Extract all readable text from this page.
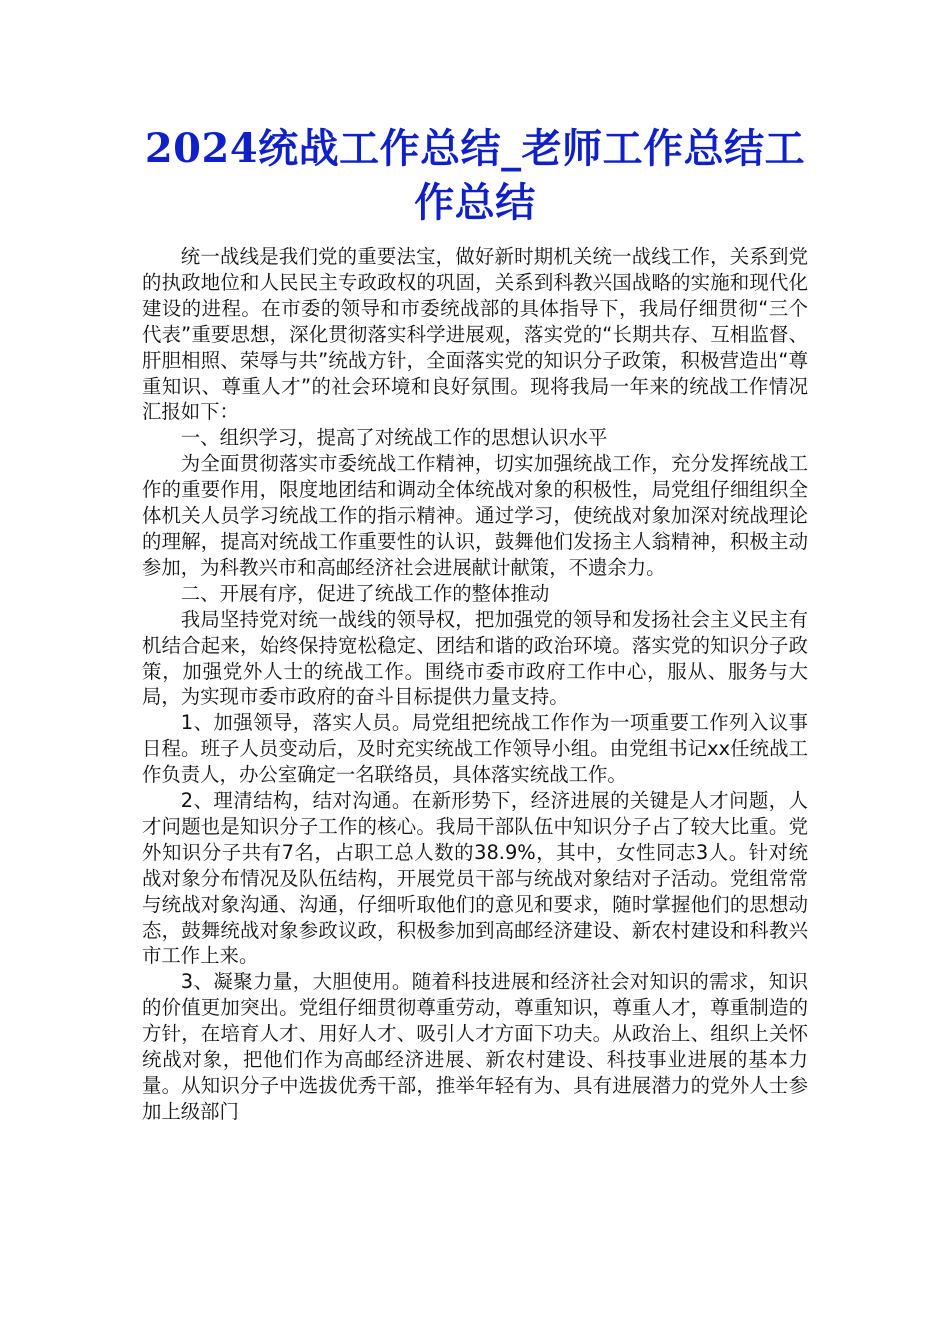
2024统战工作总结_老师工作总结工作总结

统一战线是我们党的重要法宝，做好新时期机关统一战线工作，关系到党的执政地位和人民民主专政政权的巩固，关系到科教兴国战略的实施和现代化建设的进程。在市委的领导和市委统战部的具体指导下，我局仔细贯彻“三个代表”重要思想，深化贯彻落实科学进展观，落实党的“长期共存、互相监督、肝胆相照、荣辱与共”统战方针，全面落实党的知识分子政策，积极营造出“尊重知识、尊重人才”的社会环境和良好氛围。现将我局一年来的统战工作情况汇报如下：

一、组织学习，提高了对统战工作的思想认识水平

为全面贯彻落实市委统战工作精神，切实加强统战工作，充分发挥统战工作的重要作用，限度地团结和调动全体统战对象的积极性，局党组仔细组织全体机关人员学习统战工作的指示精神。通过学习，使统战对象加深对统战理论的理解，提高对统战工作重要性的认识，鼓舞他们发扬主人翁精神，积极主动参加，为科教兴市和高邮经济社会进展献计献策，不遗余力。

二、开展有序，促进了统战工作的整体推动

我局坚持党对统一战线的领导权，把加强党的领导和发扬社会主义民主有机结合起来，始终保持宽松稳定、团结和谐的政治环境。落实党的知识分子政策，加强党外人士的统战工作。围绕市委市政府工作中心，服从、服务与大局，为实现市委市政府的奋斗目标提供力量支持。

1、加强领导，落实人员。局党组把统战工作作为一项重要工作列入议事日程。班子人员变动后，及时充实统战工作领导小组。由党组书记xx任统战工作负责人，办公室确定一名联络员，具体落实统战工作。

2、理清结构，结对沟通。在新形势下，经济进展的关键是人才问题，人才问题也是知识分子工作的核心。我局干部队伍中知识分子占了较大比重。党外知识分子共有7名，占职工总人数的38.9%，其中，女性同志3人。针对统战对象分布情况及队伍结构，开展党员干部与统战对象结对子活动。党组常常与统战对象沟通、沟通，仔细听取他们的意见和要求，随时掌握他们的思想动态，鼓舞统战对象参政议政，积极参加到高邮经济建设、新农村建设和科教兴市工作上来。

3、凝聚力量，大胆使用。随着科技进展和经济社会对知识的需求，知识的价值更加突出。党组仔细贯彻尊重劳动，尊重知识，尊重人才，尊重制造的方针，在培育人才、用好人才、吸引人才方面下功夫。从政治上、组织上关怀统战对象，把他们作为高邮经济进展、新农村建设、科技事业进展的基本力量。从知识分子中选拔优秀干部，推举年轻有为、具有进展潜力的党外人士参加上级部门
